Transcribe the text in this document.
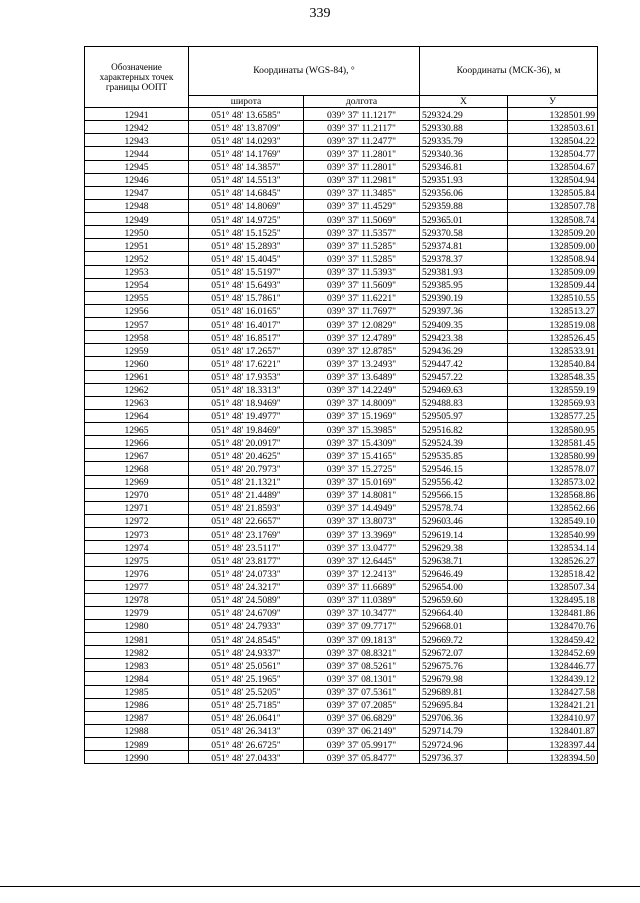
339
Обозначение характерных точек границы ООПТ	Координаты (WGS-84), °		Координаты (МСК-36), м	
	широта	долгота	X	У
12941	051° 48' 13.6585"	039° 37' 11.1217"	529324.29	1328501.99
12942	051° 48' 13.8709"	039° 37' 11.2117"	529330.88	1328503.61
12943	051° 48' 14.0293"	039° 37' 11.2477"	529335.79	1328504.22
12944	051° 48' 14.1769"	039° 37' 11.2801"	529340.36	1328504.77
12945	051° 48' 14.3857"	039° 37' 11.2801"	529346.81	1328504.67
12946	051° 48' 14.5513"	039° 37' 11.2981"	529351.93	1328504.94
12947	051° 48' 14.6845"	039° 37' 11.3485"	529356.06	1328505.84
12948	051° 48' 14.8069"	039° 37' 11.4529"	529359.88	1328507.78
12949	051° 48' 14.9725"	039° 37' 11.5069"	529365.01	1328508.74
12950	051° 48' 15.1525"	039° 37' 11.5357"	529370.58	1328509.20
12951	051° 48' 15.2893"	039° 37' 11.5285"	529374.81	1328509.00
12952	051° 48' 15.4045"	039° 37' 11.5285"	529378.37	1328508.94
12953	051° 48' 15.5197"	039° 37' 11.5393"	529381.93	1328509.09
12954	051° 48' 15.6493"	039° 37' 11.5609"	529385.95	1328509.44
12955	051° 48' 15.7861"	039° 37' 11.6221"	529390.19	1328510.55
12956	051° 48' 16.0165"	039° 37' 11.7697"	529397.36	1328513.27
12957	051° 48' 16.4017"	039° 37' 12.0829"	529409.35	1328519.08
12958	051° 48' 16.8517"	039° 37' 12.4789"	529423.38	1328526.45
12959	051° 48' 17.2657"	039° 37' 12.8785"	529436.29	1328533.91
12960	051° 48' 17.6221"	039° 37' 13.2493"	529447.42	1328540.84
12961	051° 48' 17.9353"	039° 37' 13.6489"	529457.22	1328548.35
12962	051° 48' 18.3313"	039° 37' 14.2249"	529469.63	1328559.19
12963	051° 48' 18.9469"	039° 37' 14.8009"	529488.83	1328569.93
12964	051° 48' 19.4977"	039° 37' 15.1969"	529505.97	1328577.25
12965	051° 48' 19.8469"	039° 37' 15.3985"	529516.82	1328580.95
12966	051° 48' 20.0917"	039° 37' 15.4309"	529524.39	1328581.45
12967	051° 48' 20.4625"	039° 37' 15.4165"	529535.85	1328580.99
12968	051° 48' 20.7973"	039° 37' 15.2725"	529546.15	1328578.07
12969	051° 48' 21.1321"	039° 37' 15.0169"	529556.42	1328573.02
12970	051° 48' 21.4489"	039° 37' 14.8081"	529566.15	1328568.86
12971	051° 48' 21.8593"	039° 37' 14.4949"	529578.74	1328562.66
12972	051° 48' 22.6657"	039° 37' 13.8073"	529603.46	1328549.10
12973	051° 48' 23.1769"	039° 37' 13.3969"	529619.14	1328540.99
12974	051° 48' 23.5117"	039° 37' 13.0477"	529629.38	1328534.14
12975	051° 48' 23.8177"	039° 37' 12.6445"	529638.71	1328526.27
12976	051° 48' 24.0733"	039° 37' 12.2413"	529646.49	1328518.42
12977	051° 48' 24.3217"	039° 37' 11.6689"	529654.00	1328507.34
12978	051° 48' 24.5089"	039° 37' 11.0389"	529659.60	1328495.18
12979	051° 48' 24.6709"	039° 37' 10.3477"	529664.40	1328481.86
12980	051° 48' 24.7933"	039° 37' 09.7717"	529668.01	1328470.76
12981	051° 48' 24.8545"	039° 37' 09.1813"	529669.72	1328459.42
12982	051° 48' 24.9337"	039° 37' 08.8321"	529672.07	1328452.69
12983	051° 48' 25.0561"	039° 37' 08.5261"	529675.76	1328446.77
12984	051° 48' 25.1965"	039° 37' 08.1301"	529679.98	1328439.12
12985	051° 48' 25.5205"	039° 37' 07.5361"	529689.81	1328427.58
12986	051° 48' 25.7185"	039° 37' 07.2085"	529695.84	1328421.21
12987	051° 48' 26.0641"	039° 37' 06.6829"	529706.36	1328410.97
12988	051° 48' 26.3413"	039° 37' 06.2149"	529714.79	1328401.87
12989	051° 48' 26.6725"	039° 37' 05.9917"	529724.96	1328397.44
12990	051° 48' 27.0433"	039° 37' 05.8477"	529736.37	1328394.50
